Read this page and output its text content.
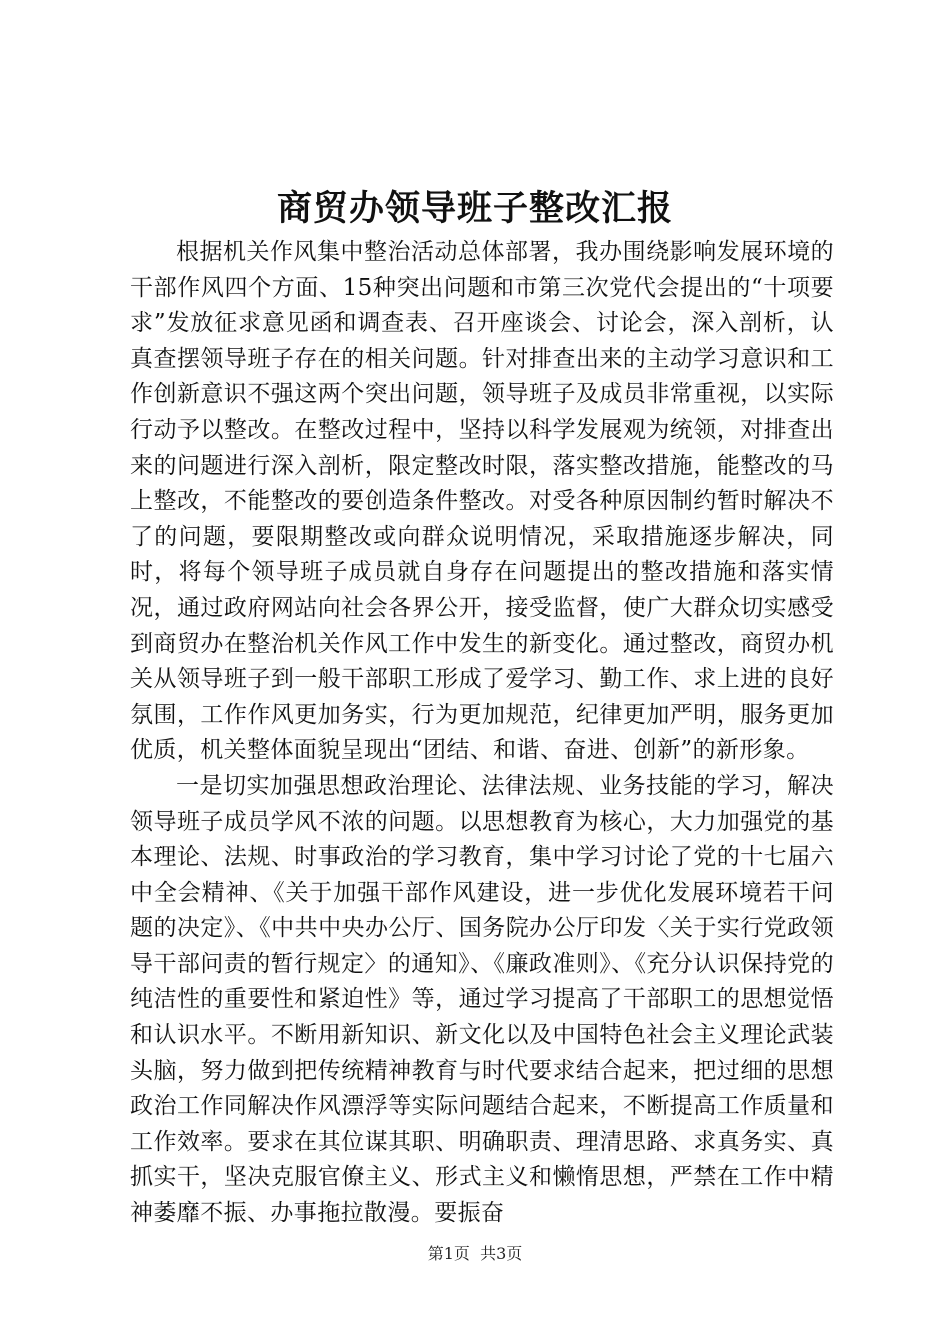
商贸办领导班子整改汇报

根据机关作风集中整治活动总体部署，我办围绕影响发展环境的干部作风四个方面、15种突出问题和市第三次党代会提出的“十项要求”发放征求意见函和调查表、召开座谈会、讨论会，深入剖析，认真查摆领导班子存在的相关问题。针对排查出来的主动学习意识和工作创新意识不强这两个突出问题，领导班子及成员非常重视，以实际行动予以整改。在整改过程中，坚持以科学发展观为统领，对排查出来的问题进行深入剖析，限定整改时限，落实整改措施，能整改的马上整改，不能整改的要创造条件整改。对受各种原因制约暂时解决不了的问题，要限期整改或向群众说明情况，采取措施逐步解决，同时，将每个领导班子成员就自身存在问题提出的整改措施和落实情况，通过政府网站向社会各界公开，接受监督，使广大群众切实感受到商贸办在整治机关作风工作中发生的新变化。通过整改，商贸办机关从领导班子到一般干部职工形成了爱学习、勤工作、求上进的良好氛围，工作作风更加务实，行为更加规范，纪律更加严明，服务更加优质，机关整体面貌呈现出“团结、和谐、奋进、创新”的新形象。

一是切实加强思想政治理论、法律法规、业务技能的学习，解决领导班子成员学风不浓的问题。以思想教育为核心，大力加强党的基本理论、法规、时事政治的学习教育，集中学习讨论了党的十七届六中全会精神、《关于加强干部作风建设，进一步优化发展环境若干问题的决定》、《中共中央办公厅、国务院办公厅印发〈关于实行党政领导干部问责的暂行规定〉的通知》、《廉政准则》、《充分认识保持党的纯洁性的重要性和紧迫性》等，通过学习提高了干部职工的思想觉悟和认识水平。不断用新知识、新文化以及中国特色社会主义理论武装头脑，努力做到把传统精神教育与时代要求结合起来，把过细的思想政治工作同解决作风漂浮等实际问题结合起来，不断提高工作质量和工作效率。要求在其位谋其职、明确职责、理清思路、求真务实、真抓实干，坚决克服官僚主义、形式主义和懒惰思想，严禁在工作中精神萎靡不振、办事拖拉散漫。要振奋

第1页  共3页
